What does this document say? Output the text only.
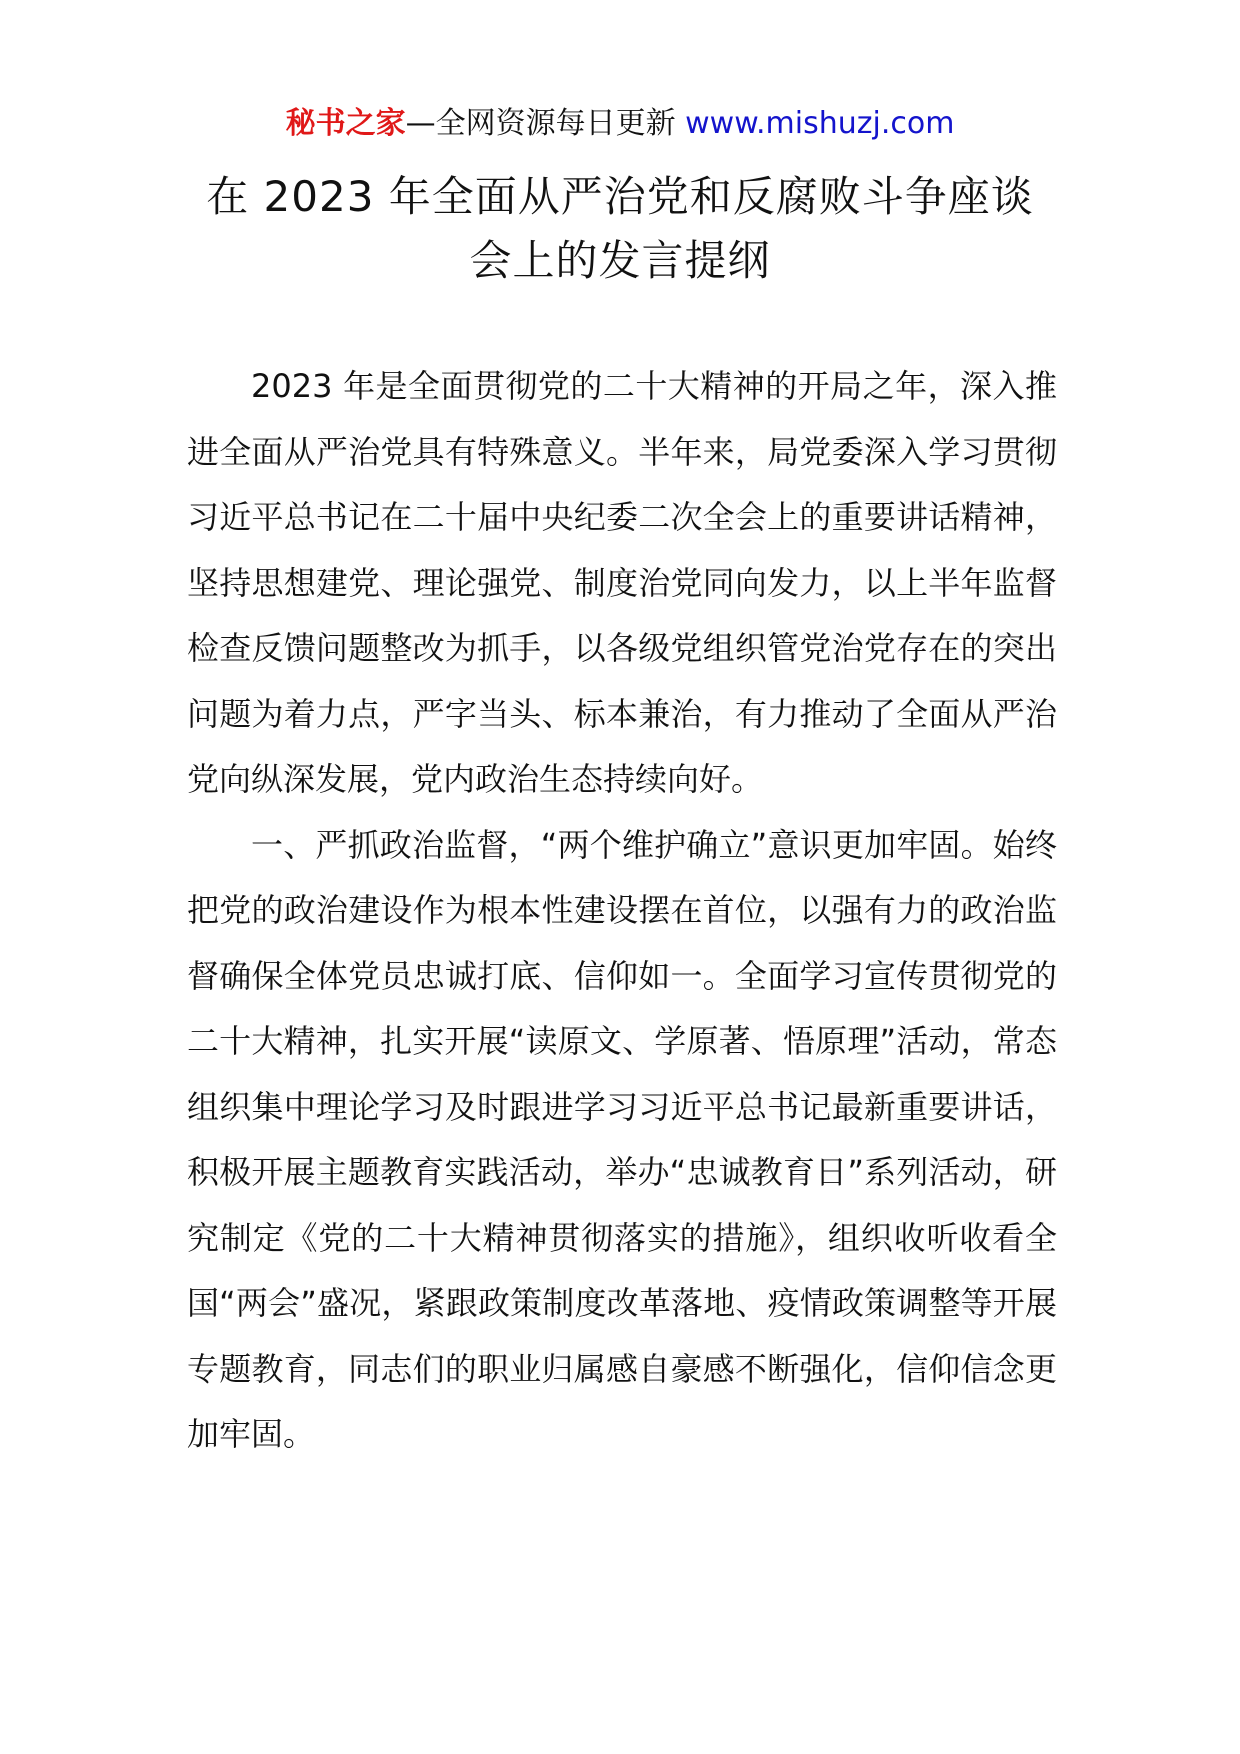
秘书之家—全网资源每日更新 www.mishuzj.com
在 2023 年全面从严治党和反腐败斗争座谈
会上的发言提纲

2023 年是全面贯彻党的二十大精神的开局之年，深入推进全面从严治党具有特殊意义。半年来，局党委深入学习贯彻习近平总书记在二十届中央纪委二次全会上的重要讲话精神，坚持思想建党、理论强党、制度治党同向发力，以上半年监督检查反馈问题整改为抓手，以各级党组织管党治党存在的突出问题为着力点，严字当头、标本兼治，有力推动了全面从严治党向纵深发展，党内政治生态持续向好。

一、严抓政治监督，“两个维护确立”意识更加牢固。始终把党的政治建设作为根本性建设摆在首位，以强有力的政治监督确保全体党员忠诚打底、信仰如一。全面学习宣传贯彻党的二十大精神，扎实开展“读原文、学原著、悟原理”活动，常态组织集中理论学习及时跟进学习习近平总书记最新重要讲话，积极开展主题教育实践活动，举办“忠诚教育日”系列活动，研究制定《党的二十大精神贯彻落实的措施》，组织收听收看全国“两会”盛况，紧跟政策制度改革落地、疫情政策调整等开展专题教育，同志们的职业归属感自豪感不断强化，信仰信念更加牢固。
